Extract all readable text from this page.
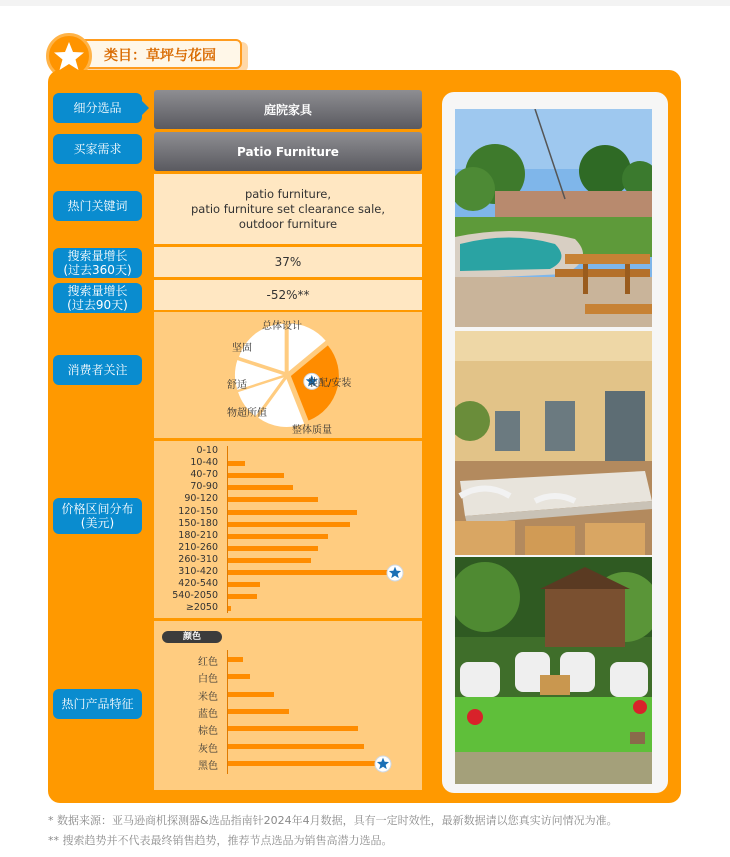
类目：草坪与花园
细分选品
买家需求
热门关键词
搜索量增长
(过去360天)
搜索量增长
(过去90天)
消费者关注
价格区间分布
(美元)
热门产品特征
庭院家具
Patio Furniture
patio furniture,
patio furniture set clearance sale,
outdoor furniture
37%
-52%**
总体设计
装配/安装
整体质量
物超所值
舒适
坚固
0-10
10-40
40-70
70-90
90-120
120-150
150-180
180-210
210-260
260-310
310-420
420-540
540-2050
≥2050
颜色
红色
白色
米色
蓝色
棕色
灰色
黑色
* 数据来源：亚马逊商机探测器&选品指南针2024年4月数据，具有一定时效性，最新数据请以您真实访问情况为准。
** 搜索趋势并不代表最终销售趋势，推荐节点选品为销售高潜力选品。
